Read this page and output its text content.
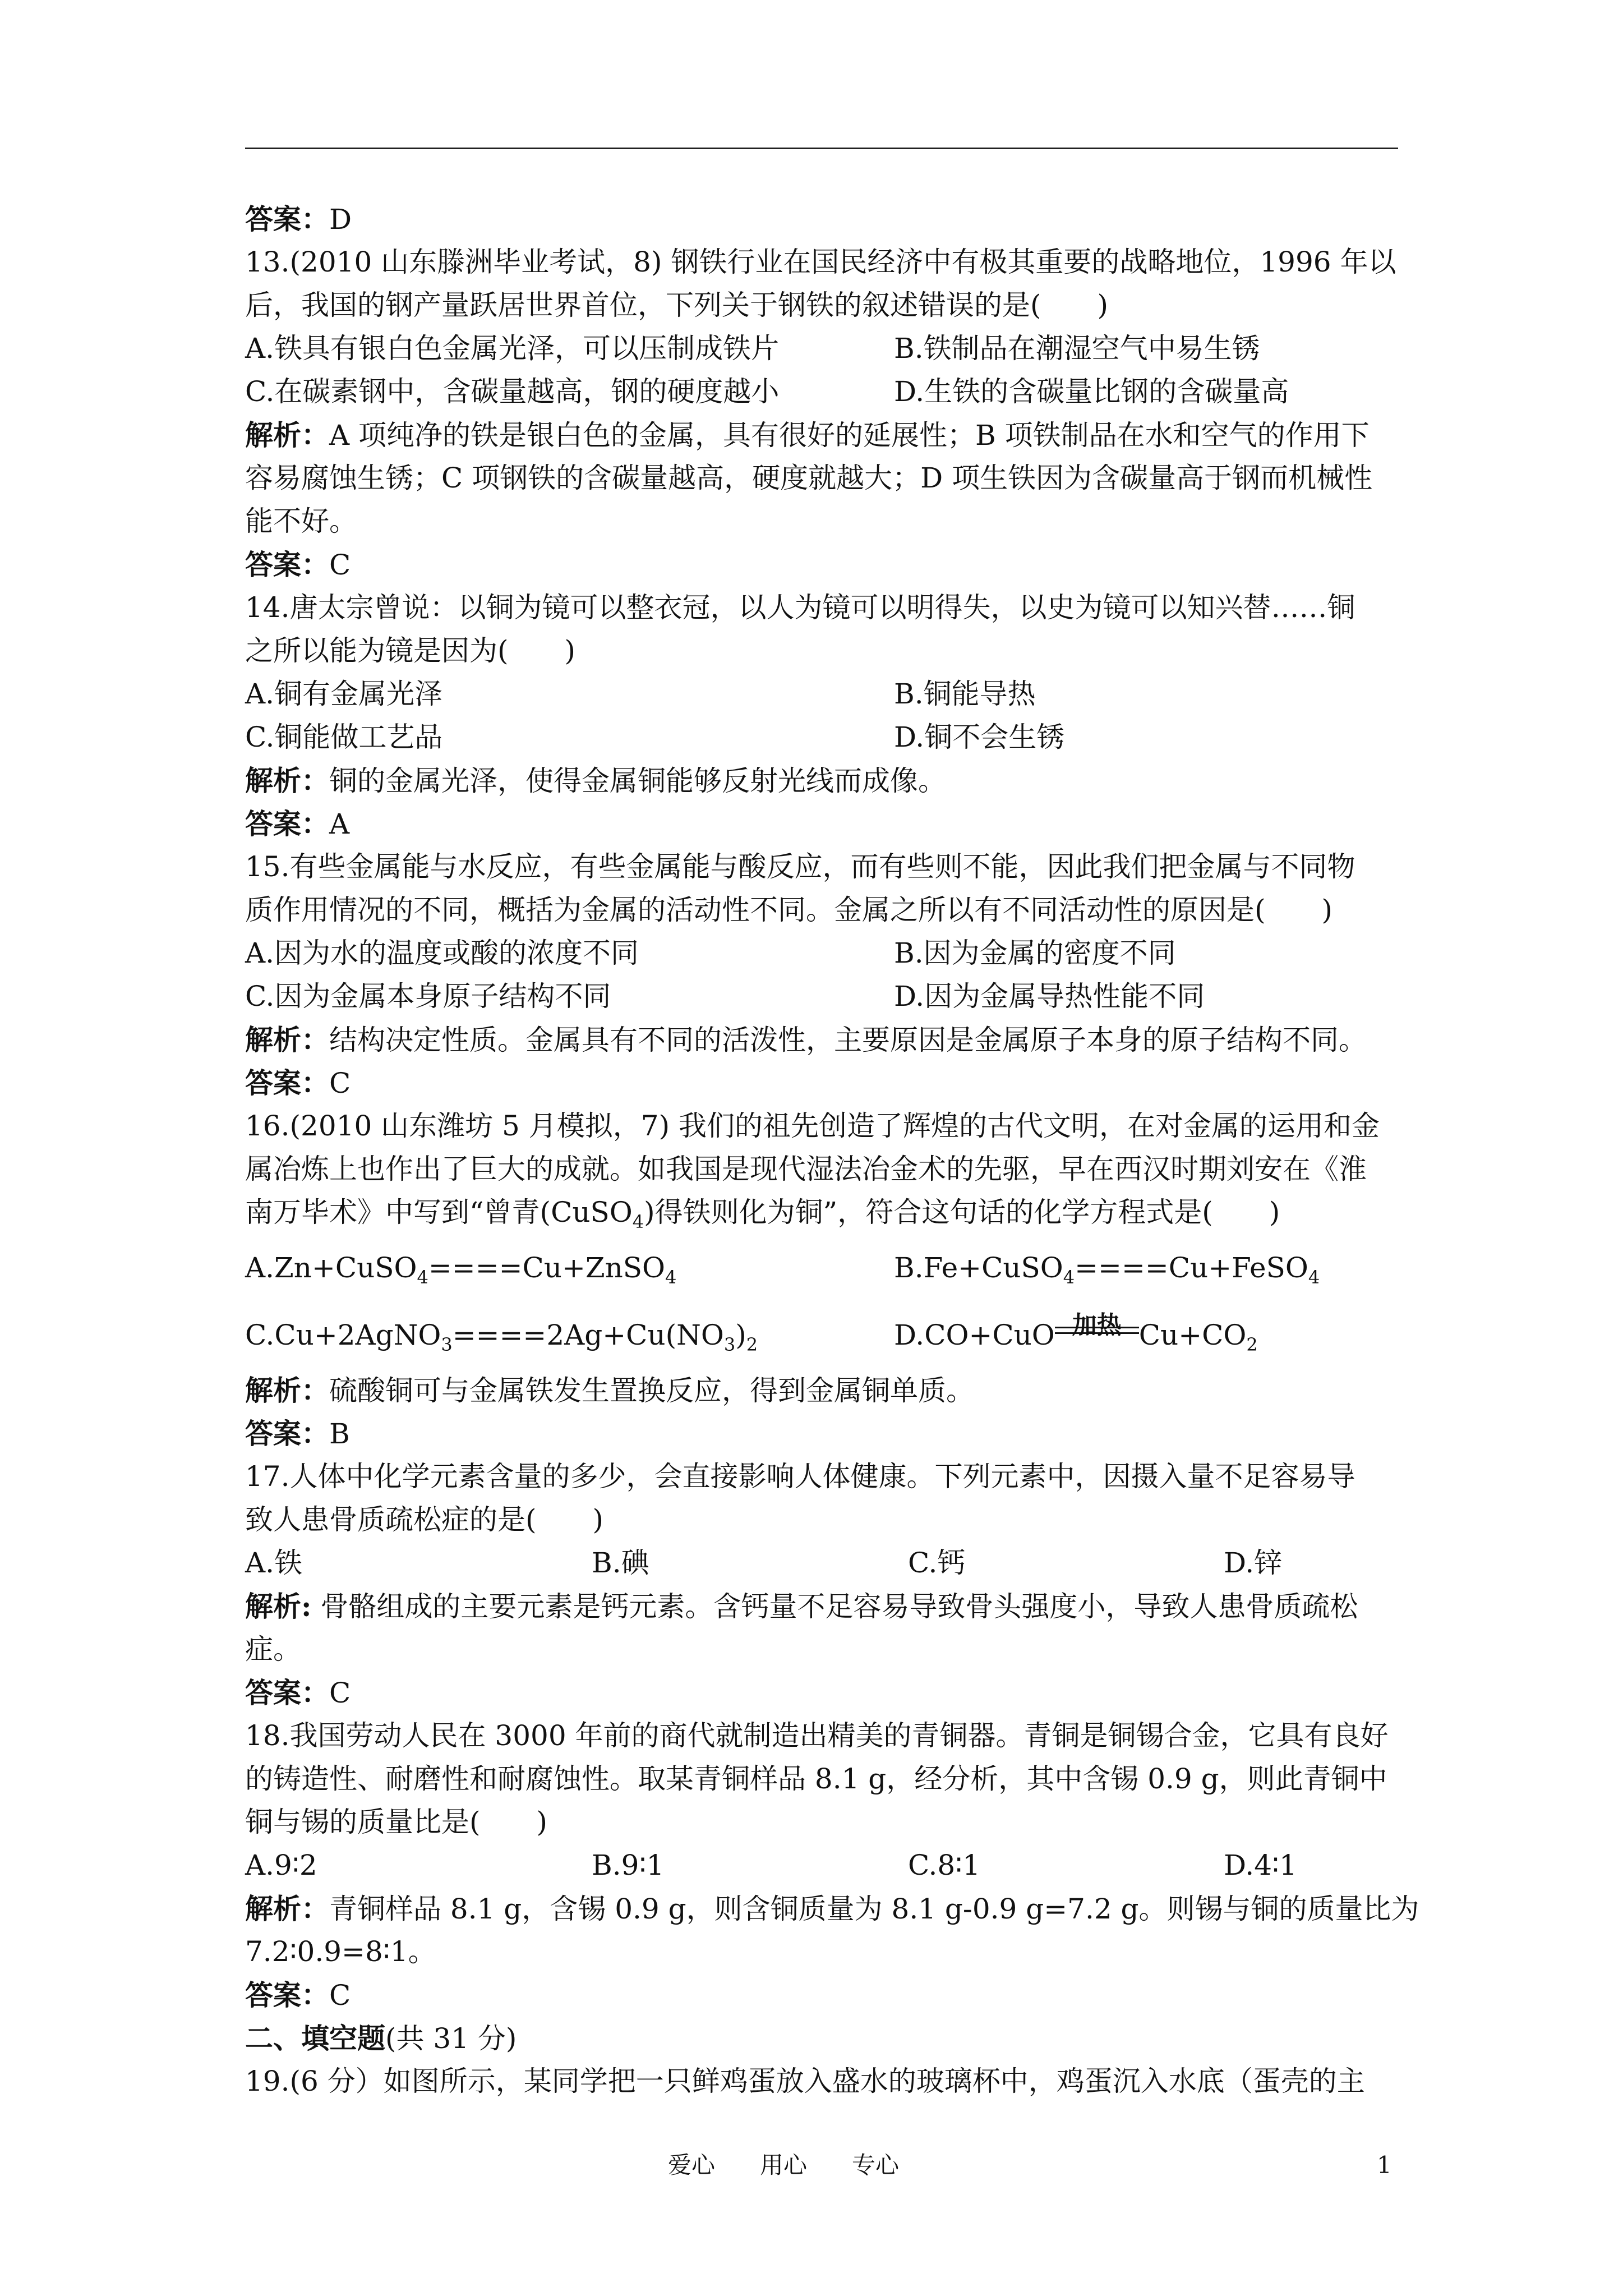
答案：D
13.(2010 山东滕洲毕业考试，8) 钢铁行业在国民经济中有极其重要的战略地位，1996 年以
后，我国的钢产量跃居世界首位，下列关于钢铁的叙述错误的是(　　)
A.铁具有银白色金属光泽，可以压制成铁片	B.铁制品在潮湿空气中易生锈
C.在碳素钢中，含碳量越高，钢的硬度越小	D.生铁的含碳量比钢的含碳量高
解析：A 项纯净的铁是银白色的金属，具有很好的延展性；B 项铁制品在水和空气的作用下
容易腐蚀生锈；C 项钢铁的含碳量越高，硬度就越大；D 项生铁因为含碳量高于钢而机械性
能不好。
答案：C
14.唐太宗曾说：以铜为镜可以整衣冠，以人为镜可以明得失，以史为镜可以知兴替……铜
之所以能为镜是因为(　　)
A.铜有金属光泽	B.铜能导热
C.铜能做工艺品	D.铜不会生锈
解析：铜的金属光泽，使得金属铜能够反射光线而成像。
答案：A
15.有些金属能与水反应，有些金属能与酸反应，而有些则不能，因此我们把金属与不同物
质作用情况的不同，概括为金属的活动性不同。金属之所以有不同活动性的原因是(　　)
A.因为水的温度或酸的浓度不同	B.因为金属的密度不同
C.因为金属本身原子结构不同	D.因为金属导热性能不同
解析：结构决定性质。金属具有不同的活泼性，主要原因是金属原子本身的原子结构不同。
答案：C
16.(2010 山东潍坊 5 月模拟，7) 我们的祖先创造了辉煌的古代文明，在对金属的运用和金
属冶炼上也作出了巨大的成就。如我国是现代湿法冶金术的先驱，早在西汉时期刘安在《淮
南万毕术》中写到“曾青(CuSO$_4$)得铁则化为铜”，符合这句话的化学方程式是(　　)
A.Zn+CuSO$_4$====Cu+ZnSO$_4$	B.Fe+CuSO$_4$====Cu+FeSO$_4$
$C.Cu+2AgNO_3====2Ag+Cu(NO_3)_2$	D.CO+CuO 加热 $Cu+CO_2$
解析：硫酸铜可与金属铁发生置换反应，得到金属铜单质。
答案：B
17.人体中化学元素含量的多少，会直接影响人体健康。下列元素中，因摄入量不足容易导
致人患骨质疏松症的是(　　)
A.铁	B.碘	C.钙	D.锌
解析: 骨骼组成的主要元素是钙元素。含钙量不足容易导致骨头强度小，导致人患骨质疏松
症。
答案：C
18.我国劳动人民在 3000 年前的商代就制造出精美的青铜器。青铜是铜锡合金，它具有良好
的铸造性、耐磨性和耐腐蚀性。取某青铜样品 8.1 g，经分析，其中含锡 0.9 g，则此青铜中
铜与锡的质量比是(　　)
A.9∶2	B.9∶1	C.8∶1	D.4∶1
解析：青铜样品 8.1 g，含锡 0.9 g，则含铜质量为 8.1 g-0.9 g=7.2 g。则锡与铜的质量比为
7.2∶0.9=8∶1。
答案：C
二、填空题(共 31 分)
19.(6 分）如图所示，某同学把一只鲜鸡蛋放入盛水的玻璃杯中，鸡蛋沉入水底（蛋壳的主
爱心 用心 专心	1
